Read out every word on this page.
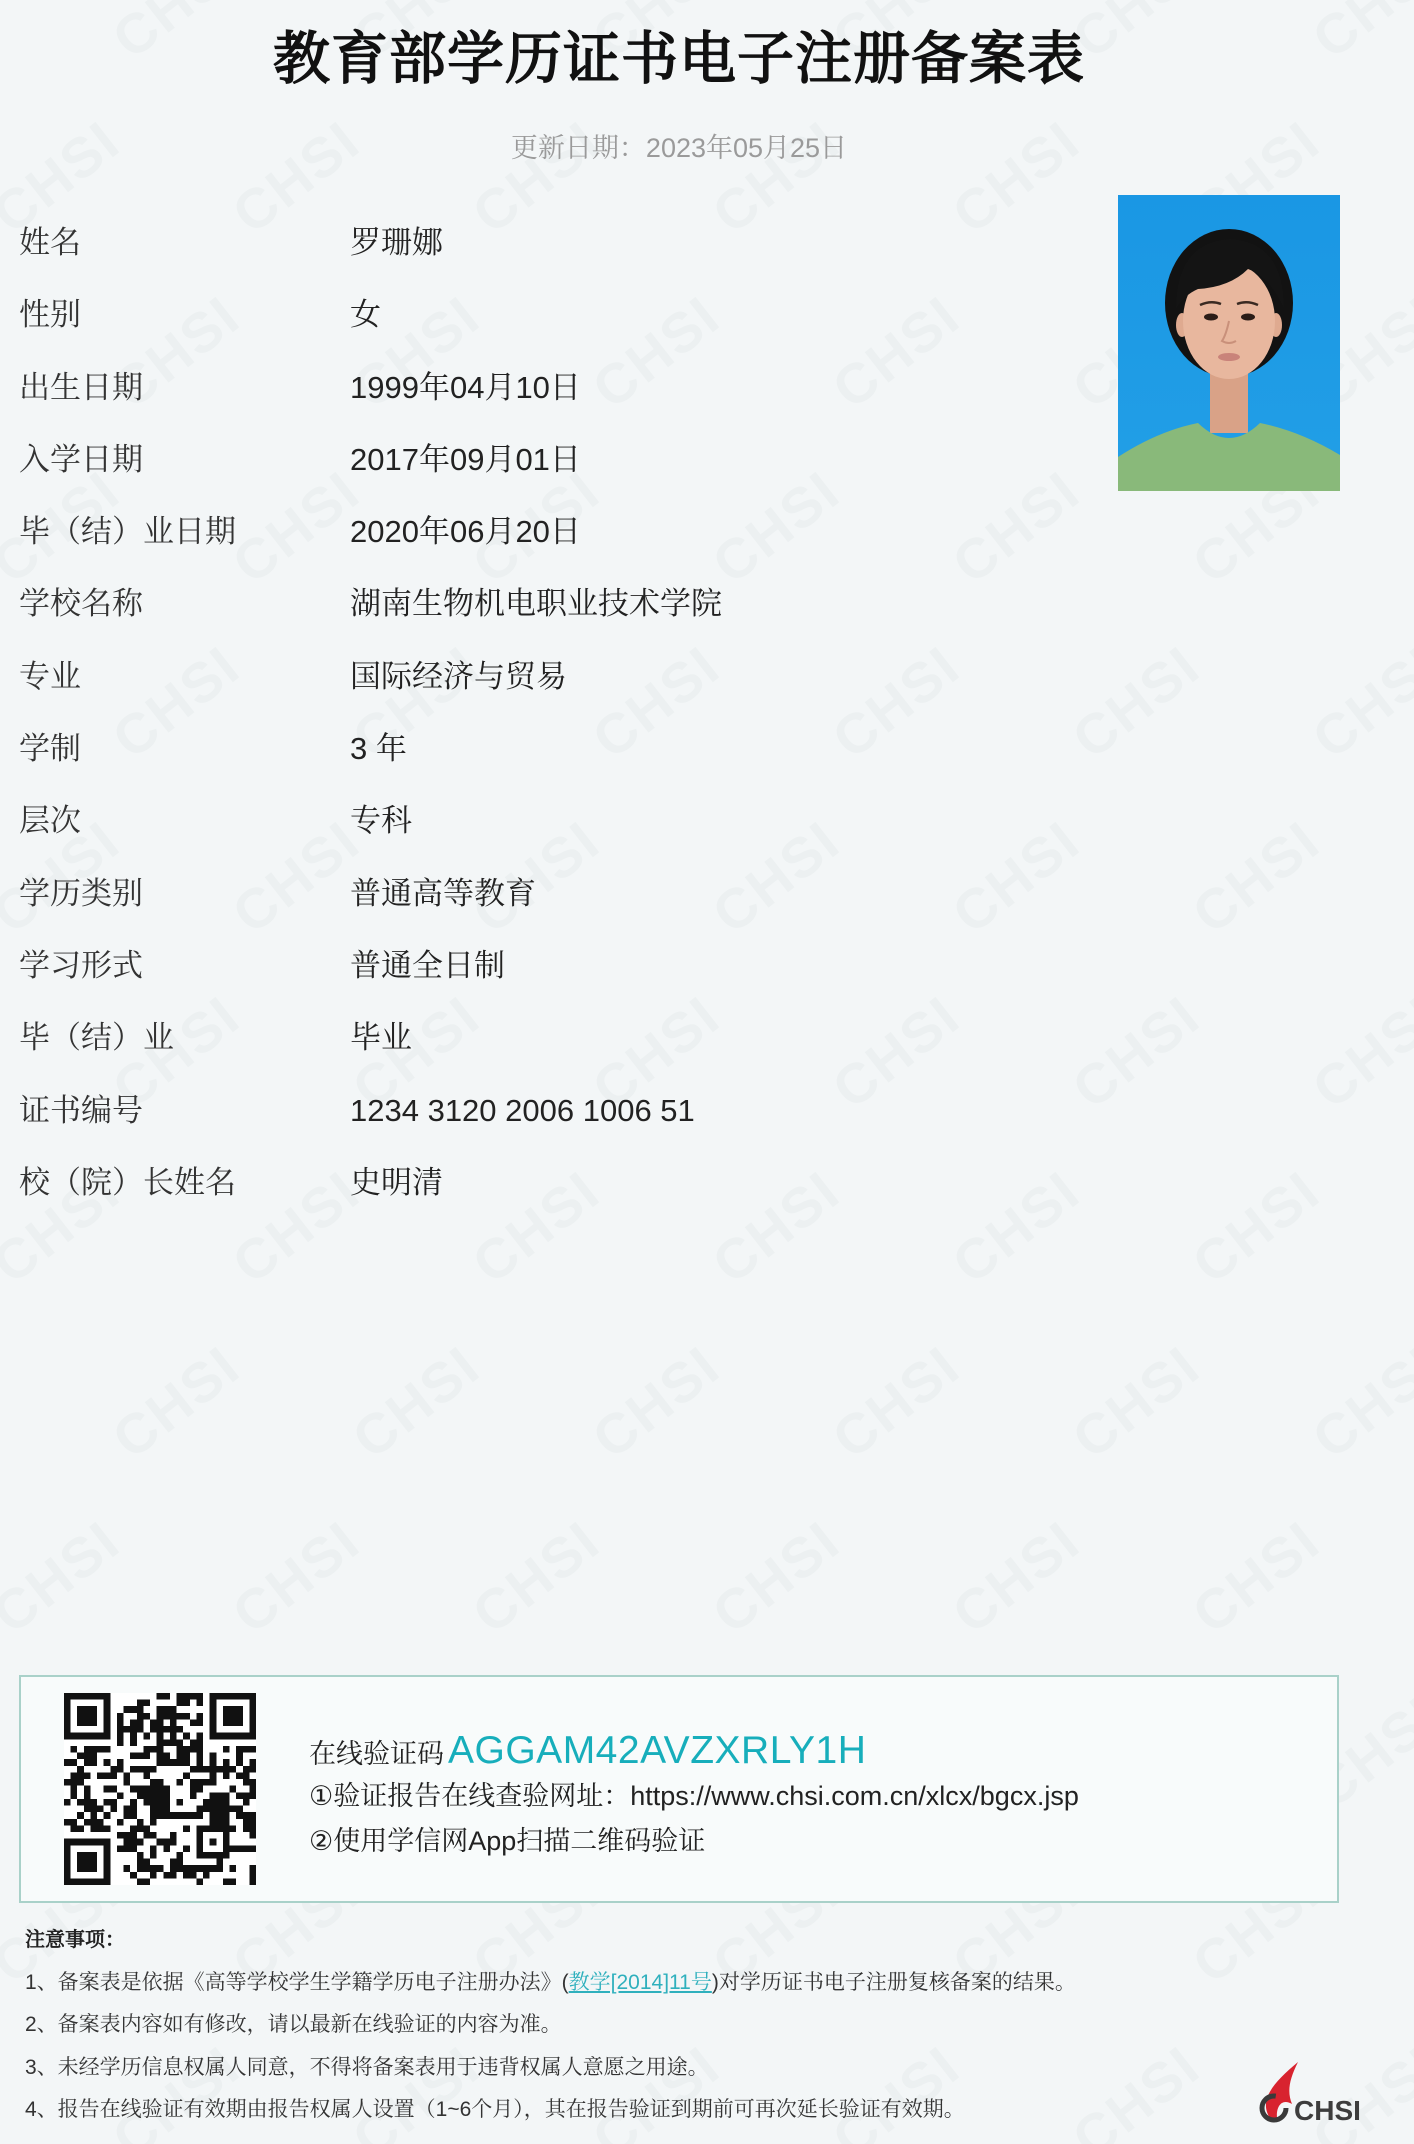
教育部学历证书电子注册备案表
更新日期：2023年05月25日
姓名	罗珊娜
性别	女
出生日期	1999年04月10日
入学日期	2017年09月01日
毕（结）业日期	2020年06月20日
学校名称	湖南生物机电职业技术学院
专业	国际经济与贸易
学制	3 年
层次	专科
学历类别	普通高等教育
学习形式	普通全日制
毕（结）业	毕业
证书编号	1234 3120 2006 1006 51
校（院）长姓名	史明清
在线验证码 AGGAM42AVZXRLY1H
①验证报告在线查验网址：https://www.chsi.com.cn/xlcx/bgcx.jsp
②使用学信网App扫描二维码验证
注意事项：
1、备案表是依据《高等学校学生学籍学历电子注册办法》(教学[2014]11号)对学历证书电子注册复核备案的结果。
2、备案表内容如有修改，请以最新在线验证的内容为准。
3、未经学历信息权属人同意，不得将备案表用于违背权属人意愿之用途。
4、报告在线验证有效期由报告权属人设置（1~6个月），其在报告验证到期前可再次延长验证有效期。	CHSI
